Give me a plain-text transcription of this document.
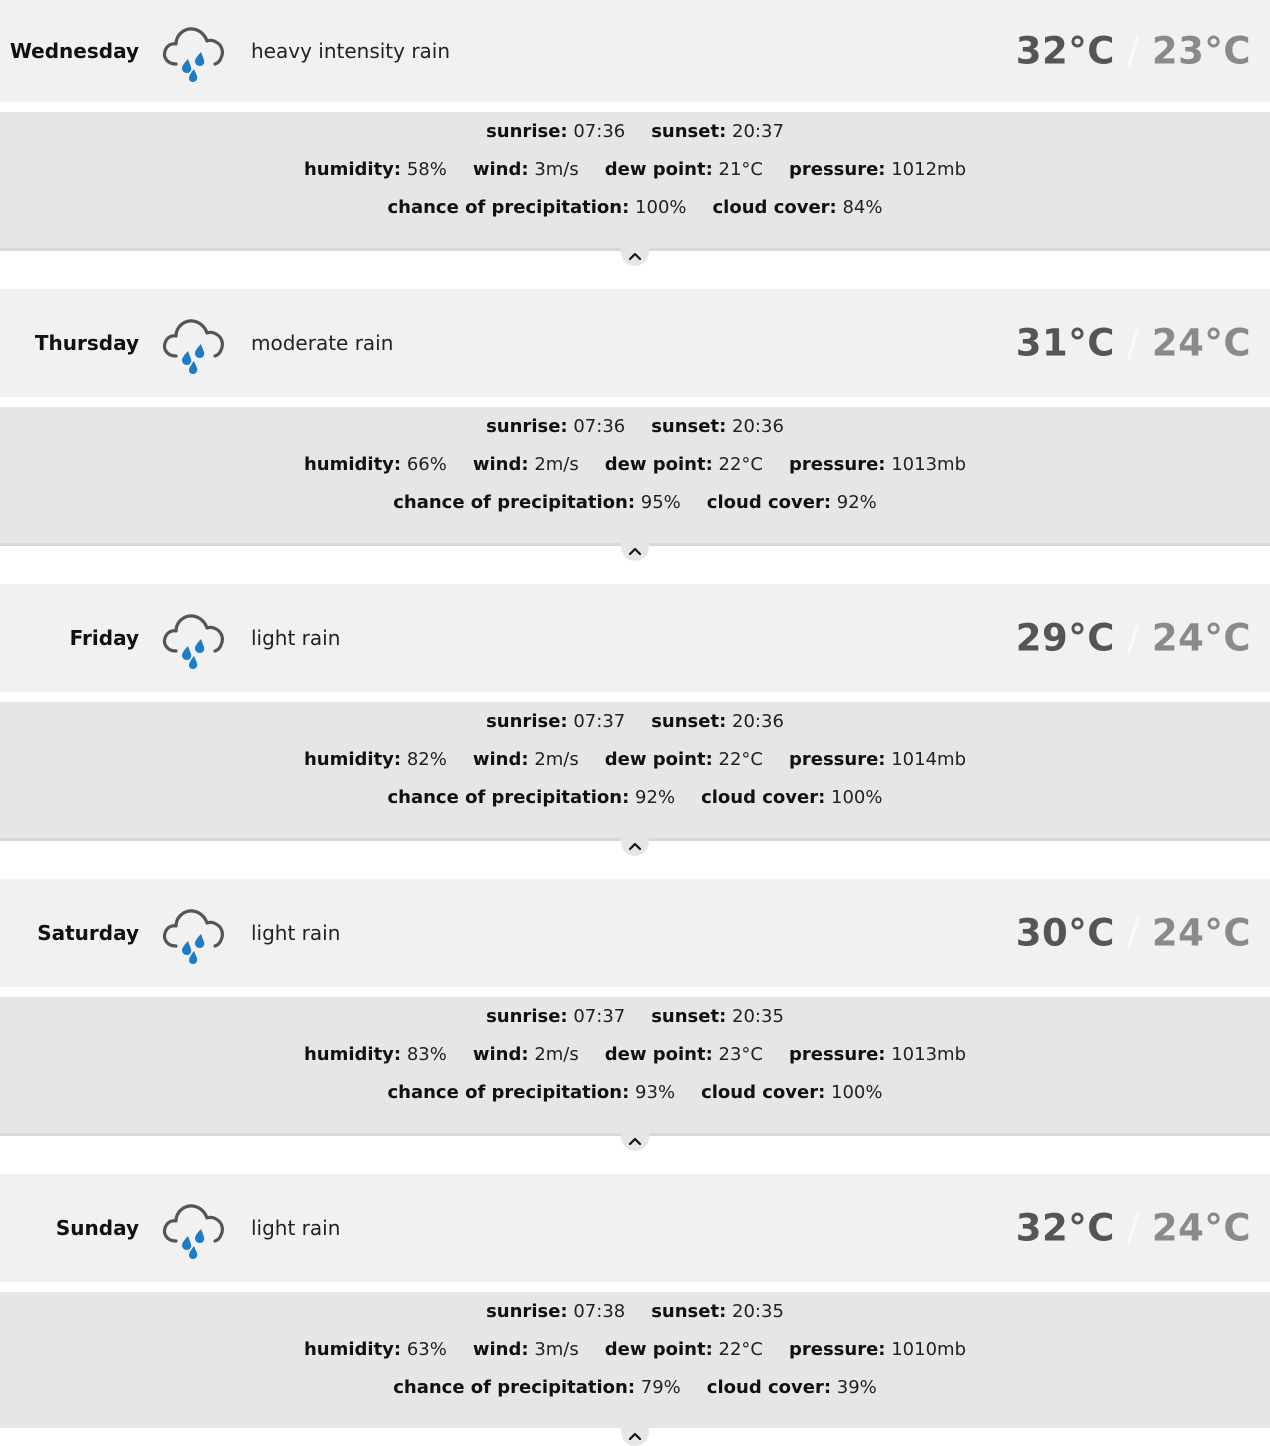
Wednesday	heavy intensity rain	32°C / 23°C
sunrise: 07:36 sunset: 20:37
humidity: 58% wind: 3m/s dew point: 21°C pressure: 1012mb
chance of precipitation: 100% cloud cover: 84%
Thursday	moderate rain	31°C / 24°C
sunrise: 07:36 sunset: 20:36
humidity: 66% wind: 2m/s dew point: 22°C pressure: 1013mb
chance of precipitation: 95% cloud cover: 92%
Friday	light rain	29°C / 24°C
sunrise: 07:37 sunset: 20:36
humidity: 82% wind: 2m/s dew point: 22°C pressure: 1014mb
chance of precipitation: 92% cloud cover: 100%
Saturday	light rain	30°C / 24°C
sunrise: 07:37 sunset: 20:35
humidity: 83% wind: 2m/s dew point: 23°C pressure: 1013mb
chance of precipitation: 93% cloud cover: 100%
Sunday	light rain	32°C / 24°C
sunrise: 07:38 sunset: 20:35
humidity: 63% wind: 3m/s dew point: 22°C pressure: 1010mb
chance of precipitation: 79% cloud cover: 39%
